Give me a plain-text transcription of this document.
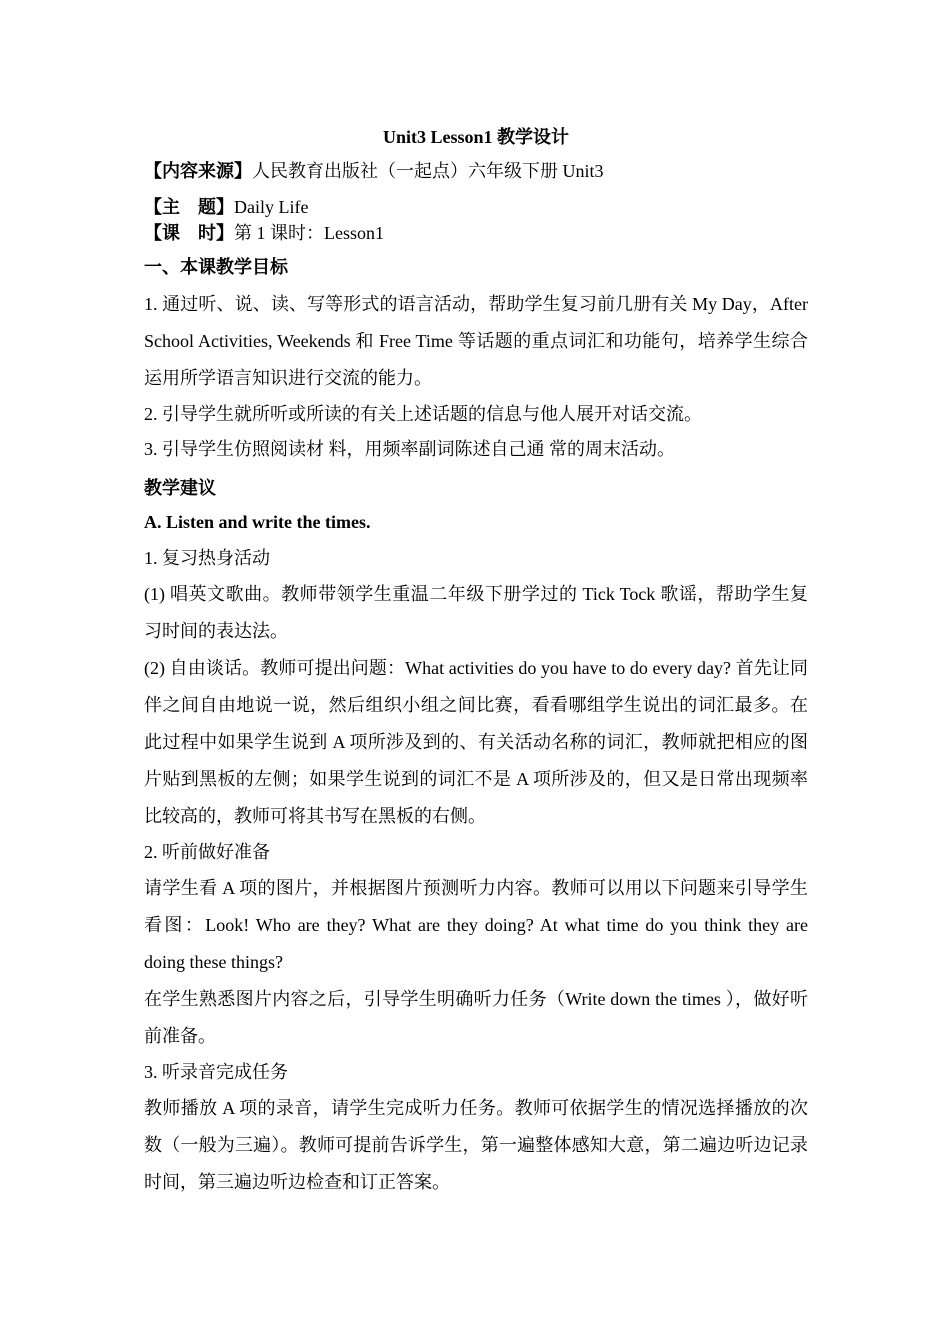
Unit3 Lesson1 教学设计

【内容来源】人民教育出版社（一起点）六年级下册 Unit3

【主　题】Daily Life

【课　时】第 1 课时：Lesson1

一、本课教学目标

1. 通过听、说、读、写等形式的语言活动，帮助学生复习前几册有关 My Day，After School Activities, Weekends 和 Free Time 等话题的重点词汇和功能句，培养学生综合运用所学语言知识进行交流的能力。

2. 引导学生就所听或所读的有关上述话题的信息与他人展开对话交流。

3. 引导学生仿照阅读材 料，用频率副词陈述自己通 常的周末活动。

教学建议
A. Listen and write the times.

1. 复习热身活动

(1) 唱英文歌曲。教师带领学生重温二年级下册学过的 Tick Tock 歌谣，帮助学生复习时间的表达法。

(2) 自由谈话。教师可提出问题：What activities do you have to do every day? 首先让同伴之间自由地说一说，然后组织小组之间比赛，看看哪组学生说出的词汇最多。在此过程中如果学生说到 A 项所涉及到的、有关活动名称的词汇，教师就把相应的图片贴到黑板的左侧；如果学生说到的词汇不是 A 项所涉及的，但又是日常出现频率比较高的，教师可将其书写在黑板的右侧。

2. 听前做好准备

请学生看 A 项的图片，并根据图片预测听力内容。教师可以用以下问题来引导学生看图：Look! Who are they? What are they doing? At what time do you think they are doing these things?

在学生熟悉图片内容之后，引导学生明确听力任务（Write down the times ），做好听前准备。

3. 听录音完成任务

教师播放 A 项的录音，请学生完成听力任务。教师可依据学生的情况选择播放的次数（一般为三遍）。教师可提前告诉学生，第一遍整体感知大意，第二遍边听边记录时间，第三遍边听边检查和订正答案。
